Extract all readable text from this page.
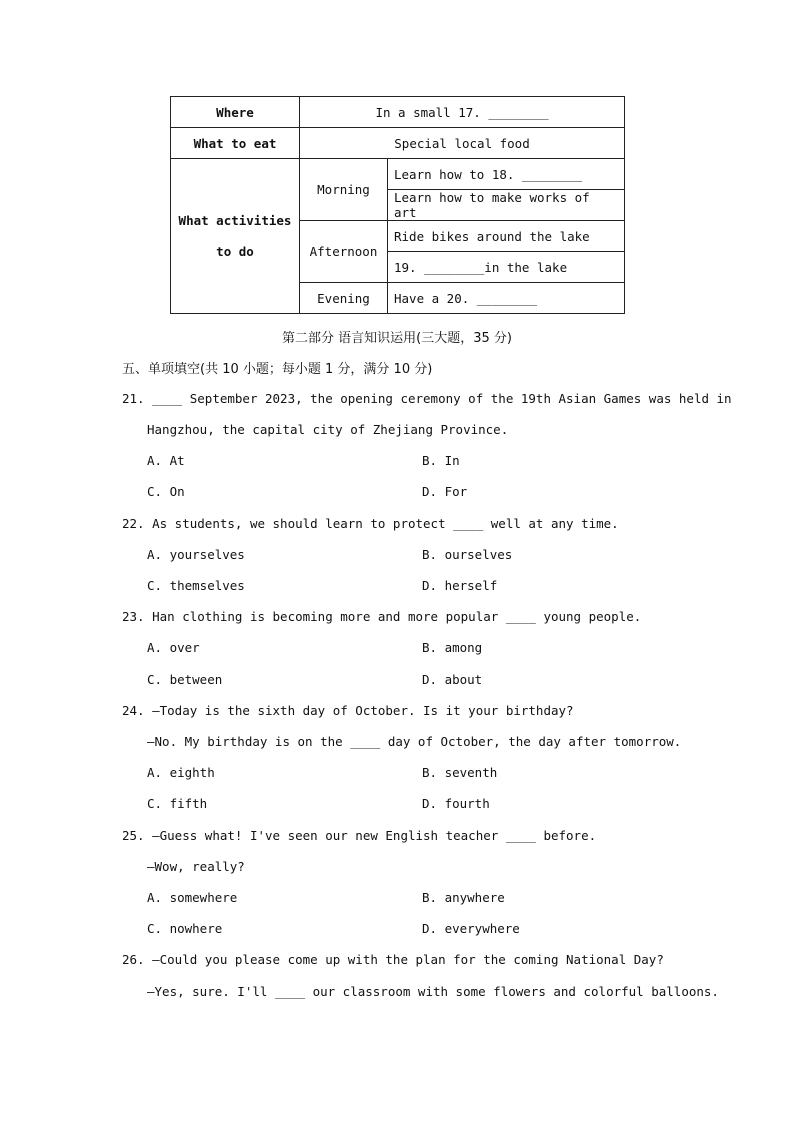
Where	In a small 17. ________	
What to eat	Special local food	

What activities
to do	Morning	Learn how to 18. ________
		Learn how to make works of art
	Afternoon	Ride bikes around the lake
		19. ________in the lake
	Evening	Have a 20. ________
第二部分 语言知识运用(三大题，35 分)
五、单项填空(共 10 小题；每小题 1 分，满分 10 分)
21. ____ September 2023, the opening ceremony of the 19th Asian Games was held in
Hangzhou, the capital city of Zhejiang Province.
A. At	B. In
C. On	D. For
22. As students, we should learn to protect ____ well at any time.
A. yourselves	B. ourselves
C. themselves	D. herself
23. Han clothing is becoming more and more popular ____ young people.
A. over	B. among
C. between	D. about
24. —Today is the sixth day of October. Is it your birthday?
—No. My birthday is on the ____ day of October, the day after tomorrow.
A. eighth	B. seventh
C. fifth	D. fourth
25. —Guess what! I've seen our new English teacher ____ before.
—Wow, really?
A. somewhere	B. anywhere
C. nowhere	D. everywhere
26. —Could you please come up with the plan for the coming National Day?
—Yes, sure. I'll ____ our classroom with some flowers and colorful balloons.
